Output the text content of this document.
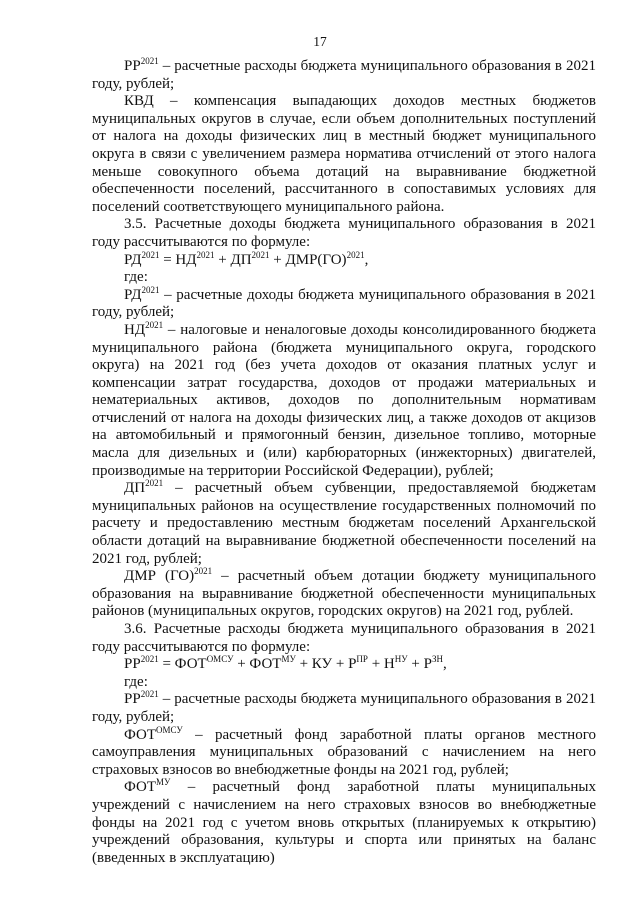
17

$РР^{2021}$ – расчетные расходы бюджета муниципального образования в 2021 году, рублей;

КВД – компенсация выпадающих доходов местных бюджетов муниципальных округов в случае, если объем дополнительных поступлений от налога на доходы физических лиц в местный бюджет муниципального округа в связи с увеличением размера норматива отчислений от этого налога меньше совокупного объема дотаций на выравнивание бюджетной обеспеченности поселений, рассчитанного в сопоставимых условиях для поселений соответствующего муниципального района.

3.5. Расчетные доходы бюджета муниципального образования в 2021 году рассчитываются по формуле:

$РД^{2021} = НД^{2021} + ДП^{2021} + ДМР(ГО)^{2021}$,

где:

$РД^{2021}$ – расчетные доходы бюджета муниципального образования в 2021 году, рублей;

$НД^{2021}$ – налоговые и неналоговые доходы консолидированного бюджета муниципального района (бюджета муниципального округа, городского округа) на 2021 год (без учета доходов от оказания платных услуг и компенсации затрат государства, доходов от продажи материальных и нематериальных активов, доходов по дополнительным нормативам отчислений от налога на доходы физических лиц, а также доходов от акцизов на автомобильный и прямогонный бензин, дизельное топливо, моторные масла для дизельных и (или) карбюраторных (инжекторных) двигателей, производимые на территории Российской Федерации), рублей;

$ДП^{2021}$ – расчетный объем субвенции, предоставляемой бюджетам муниципальных районов на осуществление государственных полномочий по расчету и предоставлению местным бюджетам поселений Архангельской области дотаций на выравнивание бюджетной обеспеченности поселений на 2021 год, рублей;

ДМР (ГО)$^{2021}$ – расчетный объем дотации бюджету муниципального образования на выравнивание бюджетной обеспеченности муниципальных районов (муниципальных округов, городских округов) на 2021 год, рублей.

3.6. Расчетные расходы бюджета муниципального образования в 2021 году рассчитываются по формуле:

$РР^{2021} = ФОТ^{ОМСУ} + ФОТ^{МУ}$ + КУ + $Р^{ПР} + Н^{НУ} + Р^{ЗН}$,

где:

$РР^{2021}$ – расчетные расходы бюджета муниципального образования в 2021 году, рублей;

$ФОТ^{ОМСУ}$ – расчетный фонд заработной платы органов местного самоуправления муниципальных образований с начислением на него страховых взносов во внебюджетные фонды на 2021 год, рублей;

$ФОТ^{МУ}$ – расчетный фонд заработной платы муниципальных учреждений с начислением на него страховых взносов во внебюджетные фонды на 2021 год с учетом вновь открытых (планируемых к открытию) учреждений образования, культуры и спорта или принятых на баланс (введенных в эксплуатацию)
